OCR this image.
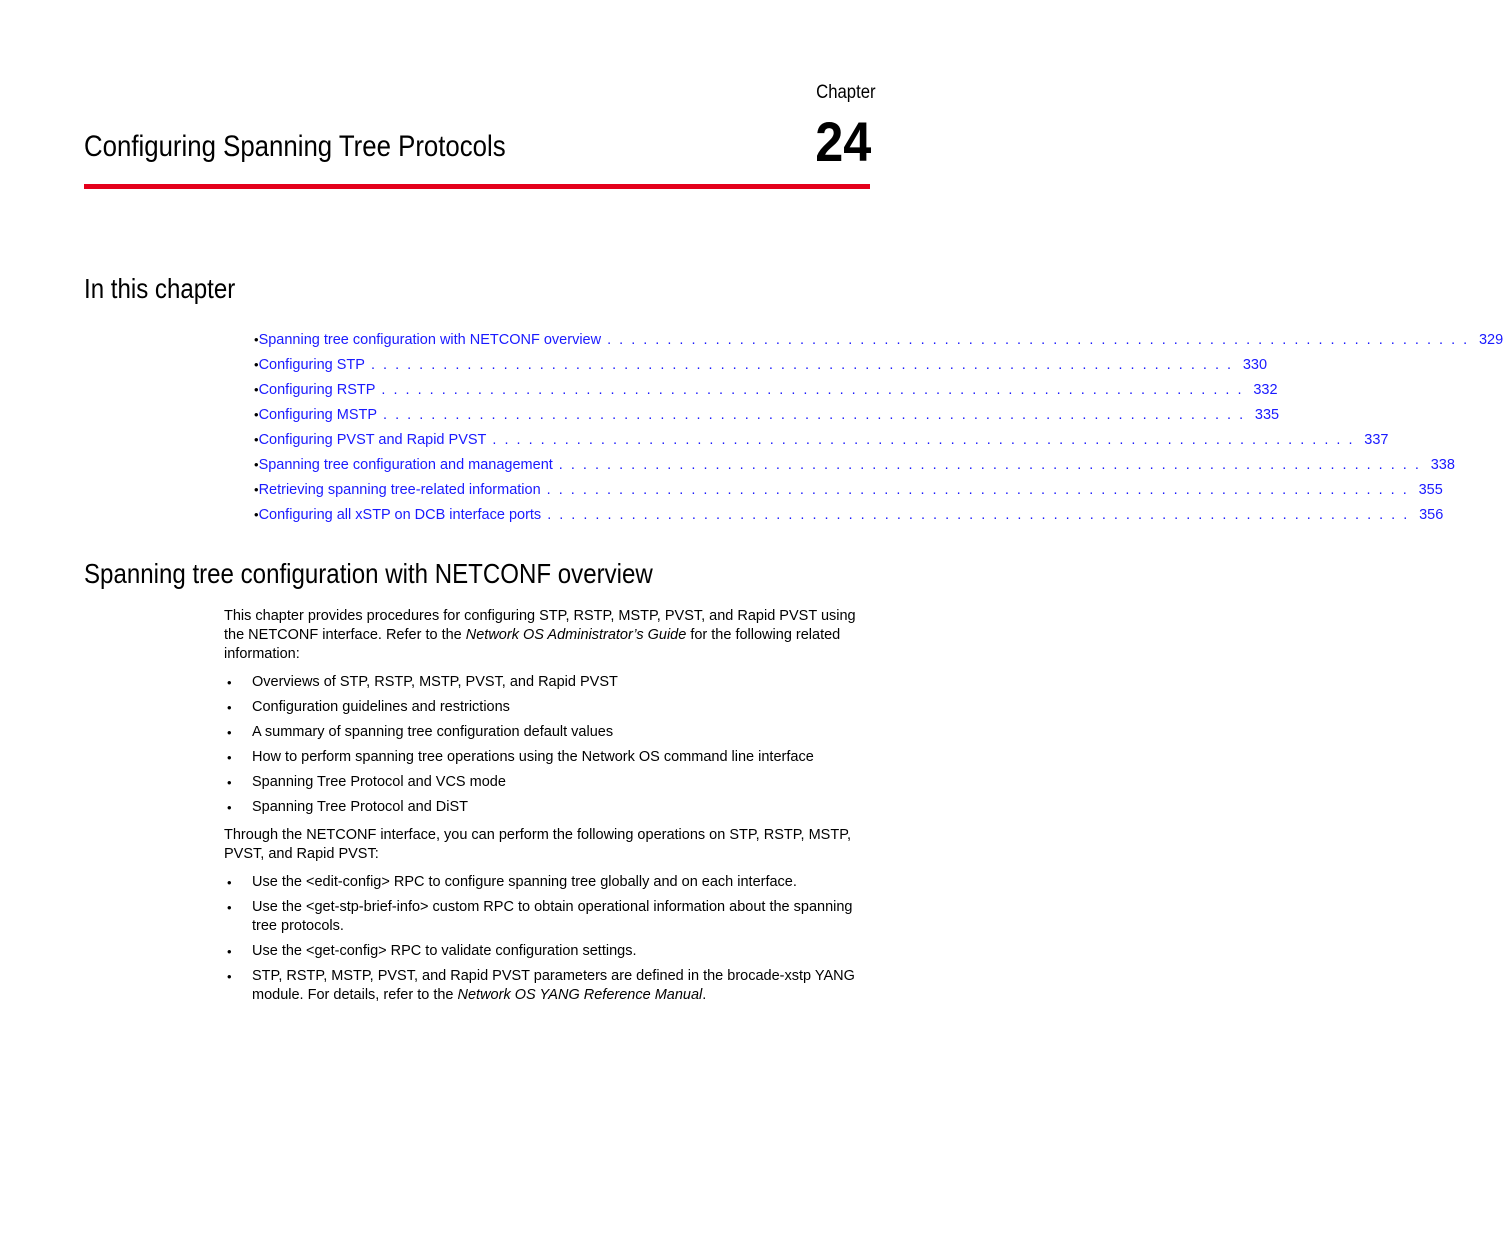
Chapter
24
Configuring Spanning Tree Protocols
In this chapter
• Spanning tree configuration with NETCONF overview . . .	329
• Configuring STP . . .	330
• Configuring RSTP . . .	332
• Configuring MSTP . . .	335
• Configuring PVST and Rapid PVST . . .	337
• Spanning tree configuration and management . . .	338
• Retrieving spanning tree-related information . . .	355
• Configuring all xSTP on DCB interface ports . . .	356
Spanning tree configuration with NETCONF overview

This chapter provides procedures for configuring STP, RSTP, MSTP, PVST, and Rapid PVST using the NETCONF interface. Refer to the Network OS Administrator’s Guide for the following related information:

• Overviews of STP, RSTP, MSTP, PVST, and Rapid PVST
• Configuration guidelines and restrictions
• A summary of spanning tree configuration default values
• How to perform spanning tree operations using the Network OS command line interface
• Spanning Tree Protocol and VCS mode
• Spanning Tree Protocol and DiST

Through the NETCONF interface, you can perform the following operations on STP, RSTP, MSTP, PVST, and Rapid PVST:

• Use the <edit-config> RPC to configure spanning tree globally and on each interface.
• Use the <get-stp-brief-info> custom RPC to obtain operational information about the spanning tree protocols.
• Use the <get-config> RPC to validate configuration settings.
• STP, RSTP, MSTP, PVST, and Rapid PVST parameters are defined in the brocade-xstp YANG module. For details, refer to the Network OS YANG Reference Manual.
